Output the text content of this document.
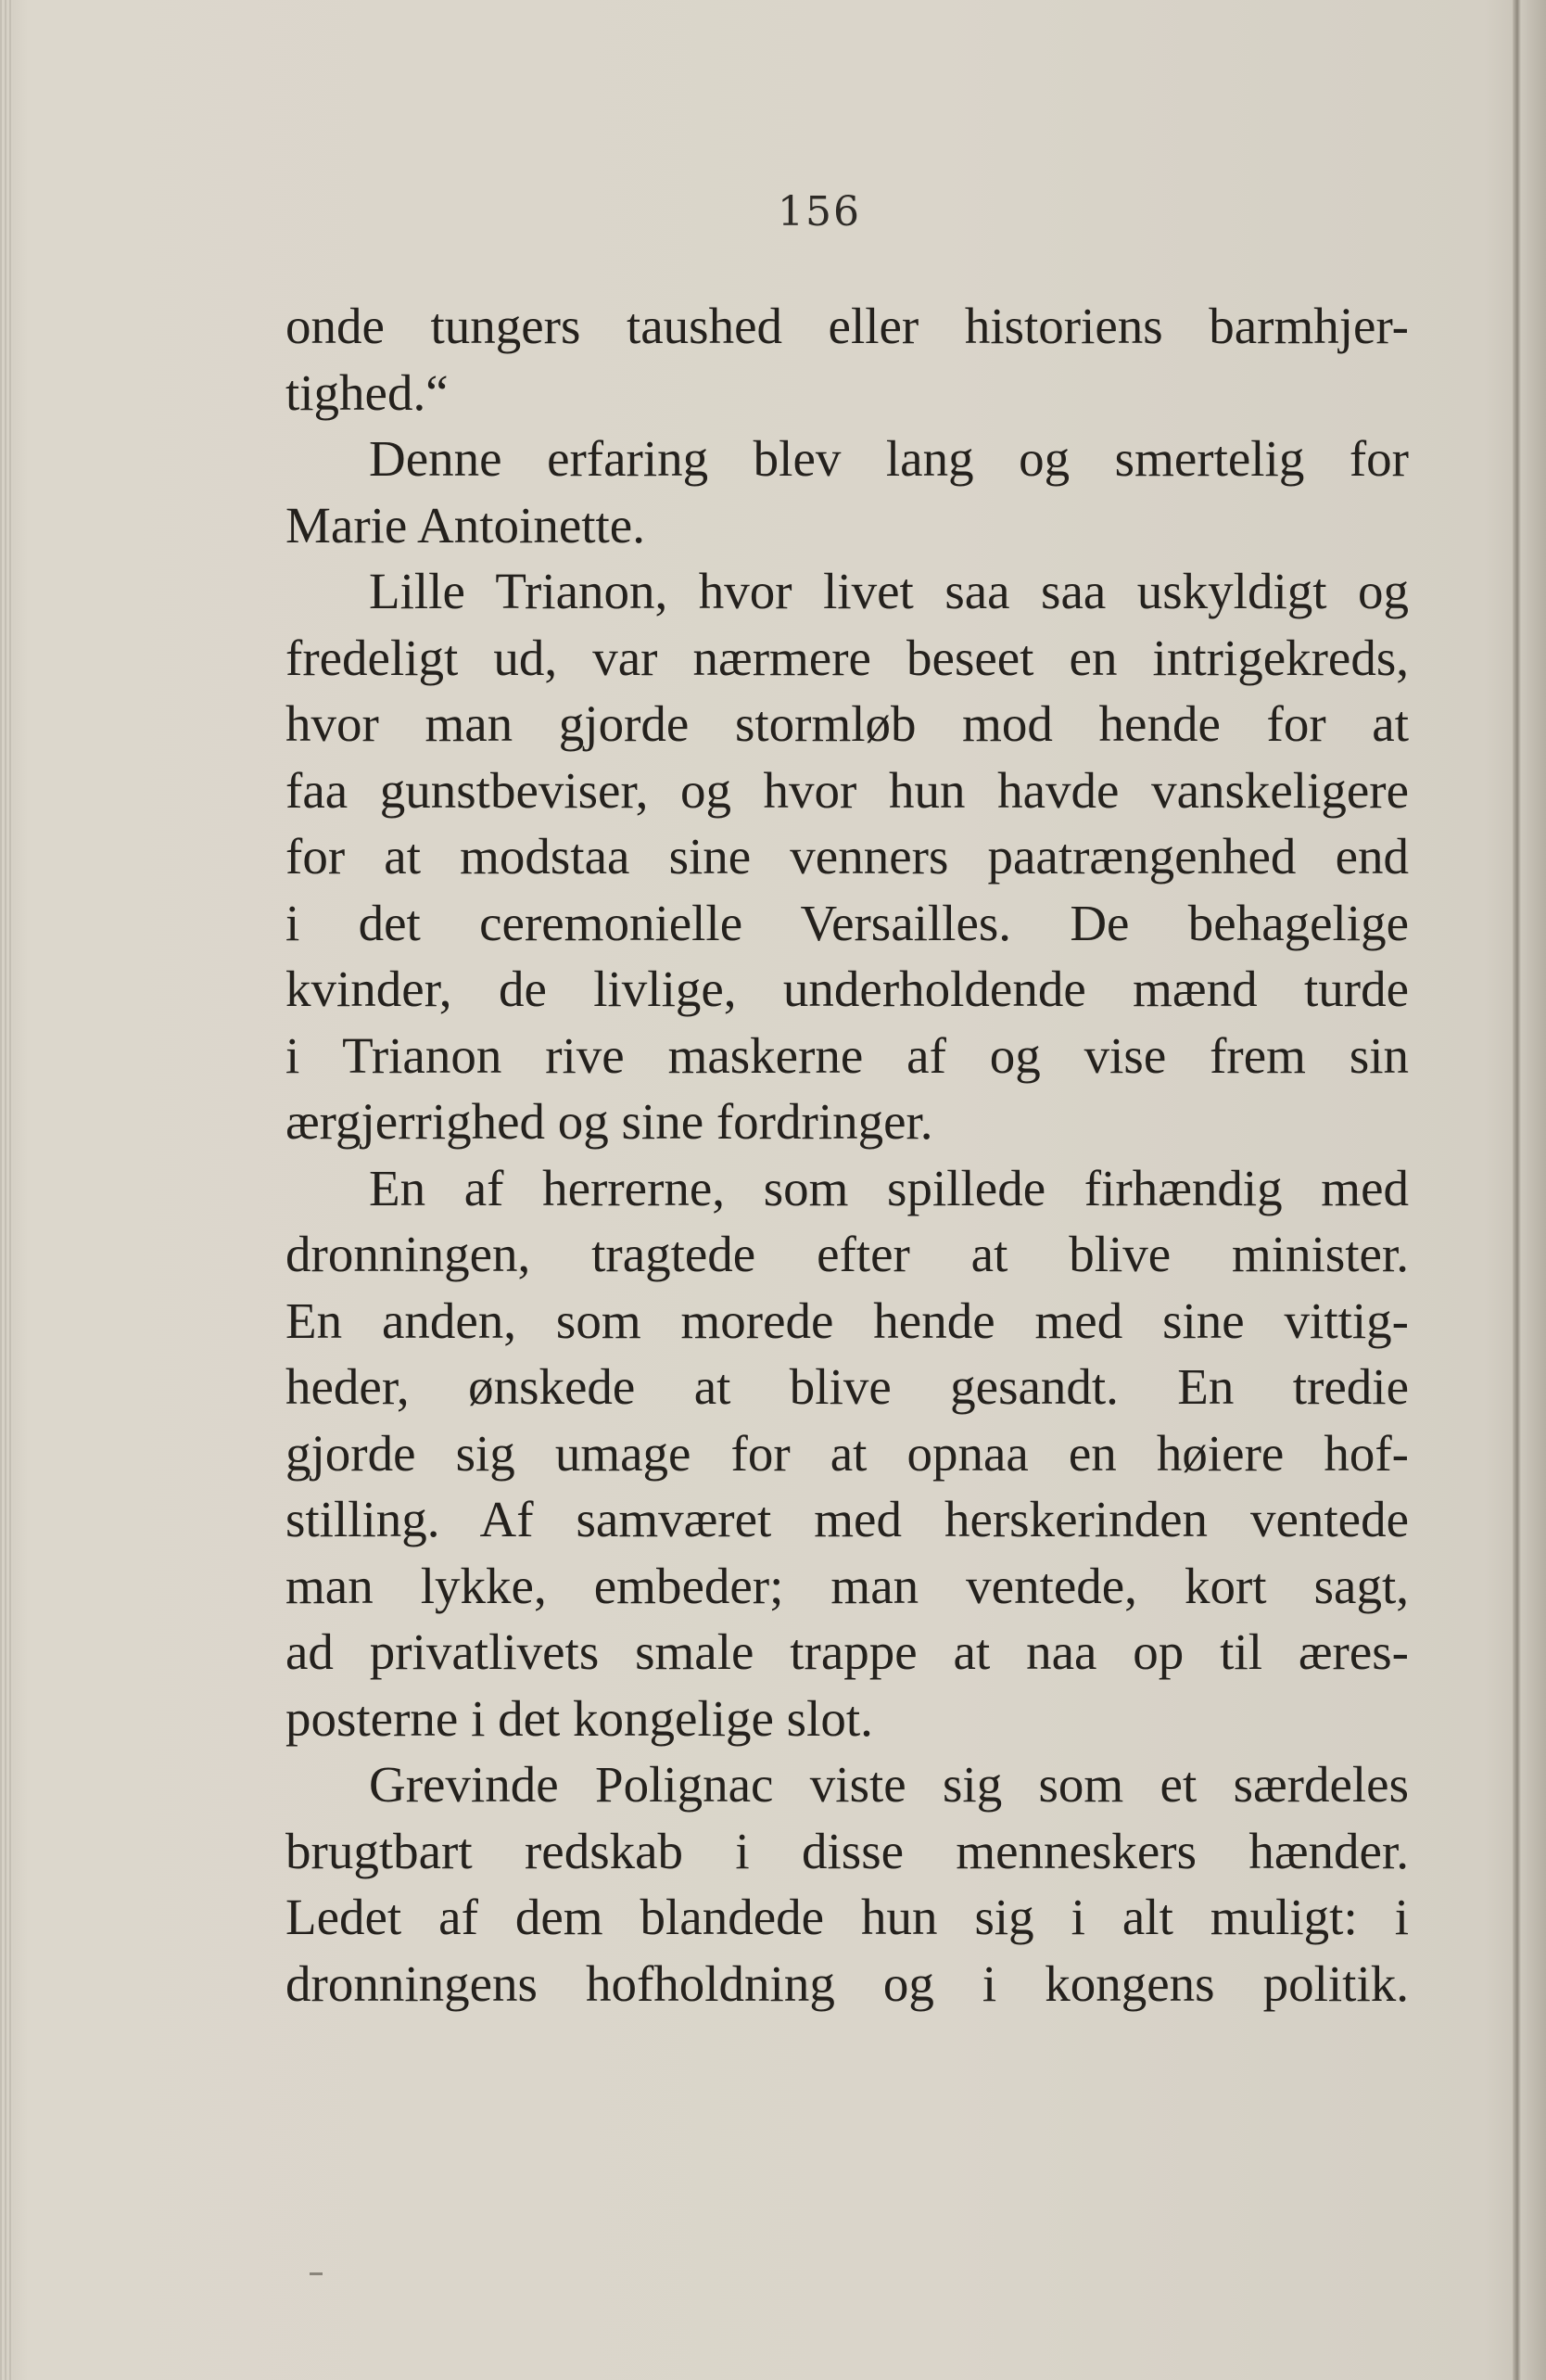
156
onde tungers taushed eller historiens barmhjer-
tighed.“
Denne erfaring blev lang og smertelig for
Marie Antoinette.
Lille Trianon, hvor livet saa saa uskyldigt og
fredeligt ud, var nærmere beseet en intrigekreds,
hvor man gjorde stormløb mod hende for at
faa gunstbeviser, og hvor hun havde vanskeligere
for at modstaa sine venners paatrængenhed end
i det ceremonielle Versailles. De behagelige
kvinder, de livlige, underholdende mænd turde
i Trianon rive maskerne af og vise frem sin
ærgjerrighed og sine fordringer.
En af herrerne, som spillede firhændig med
dronningen, tragtede efter at blive minister.
En anden, som morede hende med sine vittig-
heder, ønskede at blive gesandt. En tredie
gjorde sig umage for at opnaa en høiere hof-
stilling. Af samværet med herskerinden ventede
man lykke, embeder; man ventede, kort sagt,
ad privatlivets smale trappe at naa op til æres-
posterne i det kongelige slot.
Grevinde Polignac viste sig som et særdeles
brugtbart redskab i disse menneskers hænder.
Ledet af dem blandede hun sig i alt muligt: i
dronningens hofholdning og i kongens politik.
